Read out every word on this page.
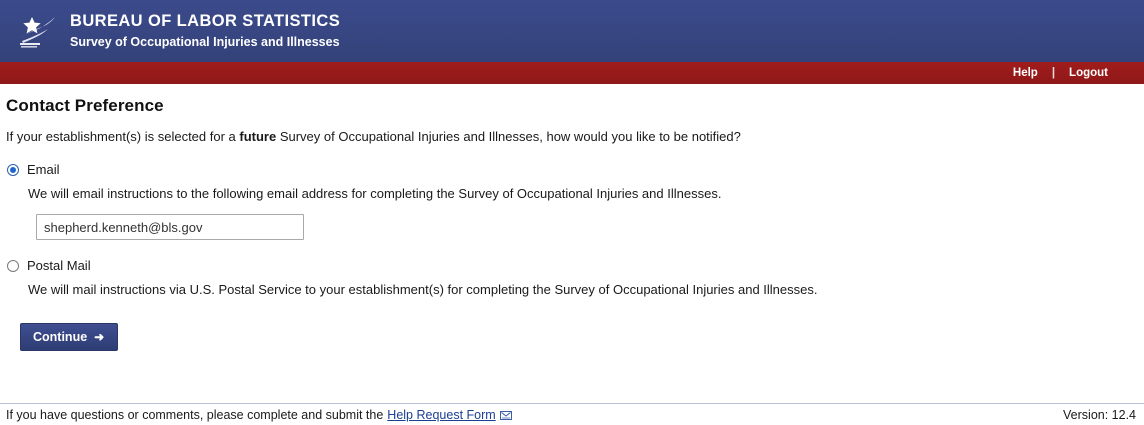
BUREAU OF LABOR STATISTICS
Survey of Occupational Injuries and Illnesses
Help	|	Logout
Contact Preference
If your establishment(s) is selected for a future Survey of Occupational Injuries and Illnesses, how would you like to be notified?
Email
We will email instructions to the following email address for completing the Survey of Occupational Injuries and Illnesses.
shepherd.kenneth@bls.gov
Postal Mail
We will mail instructions via U.S. Postal Service to your establishment(s) for completing the Survey of Occupational Injuries and Illnesses.
Continue ➜
If you have questions or comments, please complete and submit the Help Request Form	Version: 12.4
